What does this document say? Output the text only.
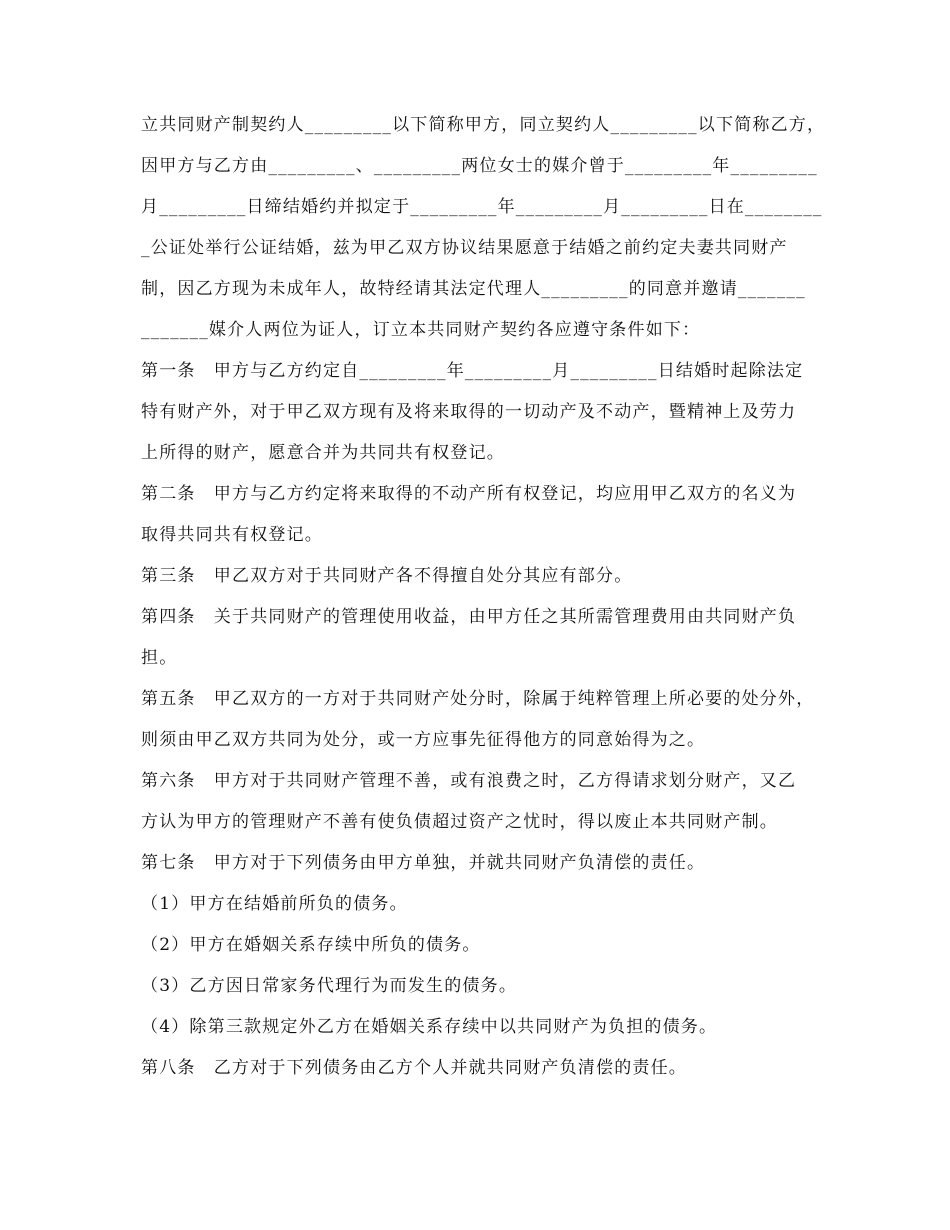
立共同财产制契约人_________以下简称甲方，同立契约人_________以下简称乙方，
因甲方与乙方由_________、_________两位女士的媒介曾于_________年_________
月_________日缔结婚约并拟定于_________年_________月_________日在________
_公证处举行公证结婚，兹为甲乙双方协议结果愿意于结婚之前约定夫妻共同财产
制，因乙方现为未成年人，故特经请其法定代理人_________的同意并邀请_______
_______媒介人两位为证人，订立本共同财产契约各应遵守条件如下：
第一条　甲方与乙方约定自_________年_________月_________日结婚时起除法定
特有财产外，对于甲乙双方现有及将来取得的一切动产及不动产，暨精神上及劳力
上所得的财产，愿意合并为共同共有权登记。
第二条　甲方与乙方约定将来取得的不动产所有权登记，均应用甲乙双方的名义为
取得共同共有权登记。
第三条　甲乙双方对于共同财产各不得擅自处分其应有部分。
第四条　关于共同财产的管理使用收益，由甲方任之其所需管理费用由共同财产负
担。
第五条　甲乙双方的一方对于共同财产处分时，除属于纯粹管理上所必要的处分外，
则须由甲乙双方共同为处分，或一方应事先征得他方的同意始得为之。
第六条　甲方对于共同财产管理不善，或有浪费之时，乙方得请求划分财产，又乙
方认为甲方的管理财产不善有使负债超过资产之忧时，得以废止本共同财产制。
第七条　甲方对于下列债务由甲方单独，并就共同财产负清偿的责任。
（1）甲方在结婚前所负的债务。
（2）甲方在婚姻关系存续中所负的债务。
（3）乙方因日常家务代理行为而发生的债务。
（4）除第三款规定外乙方在婚姻关系存续中以共同财产为负担的债务。
第八条　乙方对于下列债务由乙方个人并就共同财产负清偿的责任。
